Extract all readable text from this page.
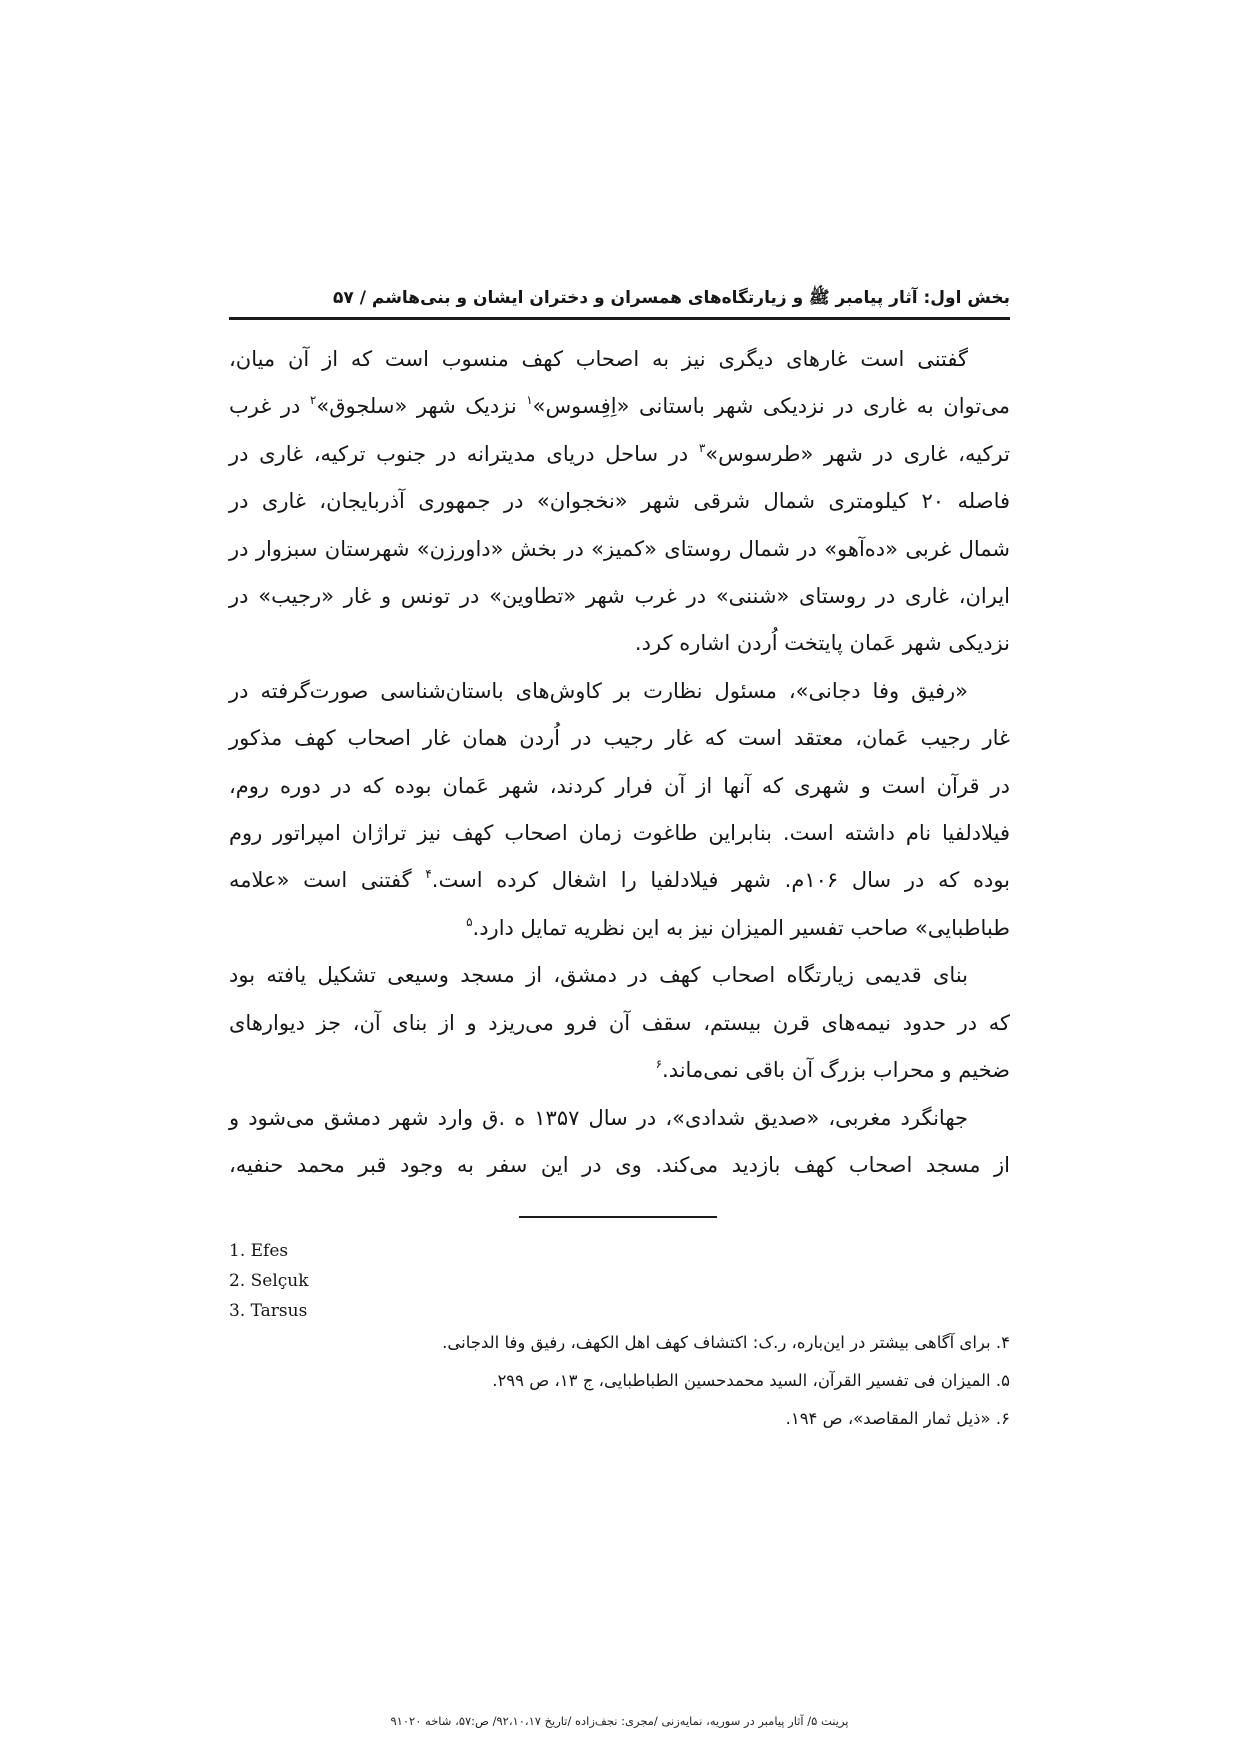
بخش اول: آثار پیامبر ﷺ و زیارتگاه‌های همسران و دختران ایشان و بنی‌هاشم / ۵۷
گفتنی است غارهای دیگری نیز به اصحاب کهف منسوب است که از آن میان،
می‌توان به غاری در نزدیکی شهر باستانی «اِفِسوس»$^۱$ نزدیک شهر «سلجوق»$^۲$ در غرب
ترکیه، غاری در شهر «طرسوس»$^۳$ در ساحل دریای مدیترانه در جنوب ترکیه، غاری در
فاصله ۲۰ کیلومتری شمال شرقی شهر «نخجوان» در جمهوری آذربایجان، غاری در
شمال غربی «ده‌آهو» در شمال روستای «کمیز» در بخش «داورزن» شهرستان سبزوار در
ایران، غاری در روستای «شننی» در غرب شهر «تطاوین» در تونس و غار «رجیب» در
نزدیکی شهر عَمان پایتخت اُردن اشاره کرد.
«رفیق وفا دجانی»، مسئول نظارت بر کاوش‌های باستان‌شناسی صورت‌گرفته در
غار رجیب عَمان، معتقد است که غار رجیب در اُردن همان غار اصحاب کهف مذکور
در قرآن است و شهری که آنها از آن فرار کردند، شهر عَمان بوده که در دوره روم،
فیلادلفیا نام داشته است. بنابراین طاغوت زمان اصحاب کهف نیز تراژان امپراتور روم
بوده که در سال ۱۰۶م. شهر فیلادلفیا را اشغال کرده است.$^۴$ گفتنی است «علامه
طباطبایی» صاحب تفسیر المیزان نیز به این نظریه تمایل دارد.$^۵$
بنای قدیمی زیارتگاه اصحاب کهف در دمشق، از مسجد وسیعی تشکیل یافته بود
که در حدود نیمه‌های قرن بیستم، سقف آن فرو می‌ریزد و از بنای آن، جز دیوارهای
ضخیم و محراب بزرگ آن باقی نمی‌ماند.$^۶$
جهانگرد مغربی، «صدیق شدادی»، در سال ۱۳۵۷ ه .ق وارد شهر دمشق می‌شود و
از مسجد اصحاب کهف بازدید می‌کند. وی در این سفر به وجود قبر محمد حنفیه،
1. Efes
2. Selçuk
3. Tarsus
۴. برای آگاهی بیشتر در این‌باره، ر.ک: اکتشاف کهف اهل الکهف، رفیق وفا الدجانی.
۵. المیزان فی تفسیر القرآن، السید محمدحسین الطباطبایی، ج ۱۳، ص ۲۹۹.
۶. «ذیل ثمار المقاصد»، ص ۱۹۴.
پرینت ۵/ آثار پیامبر در سوریه، نمایه‌زنی /مجری: نجف‌زاده /تاریخ ۹۲،۱۰،۱۷/ ص:۵۷، شاخه ۹۱۰۲۰
